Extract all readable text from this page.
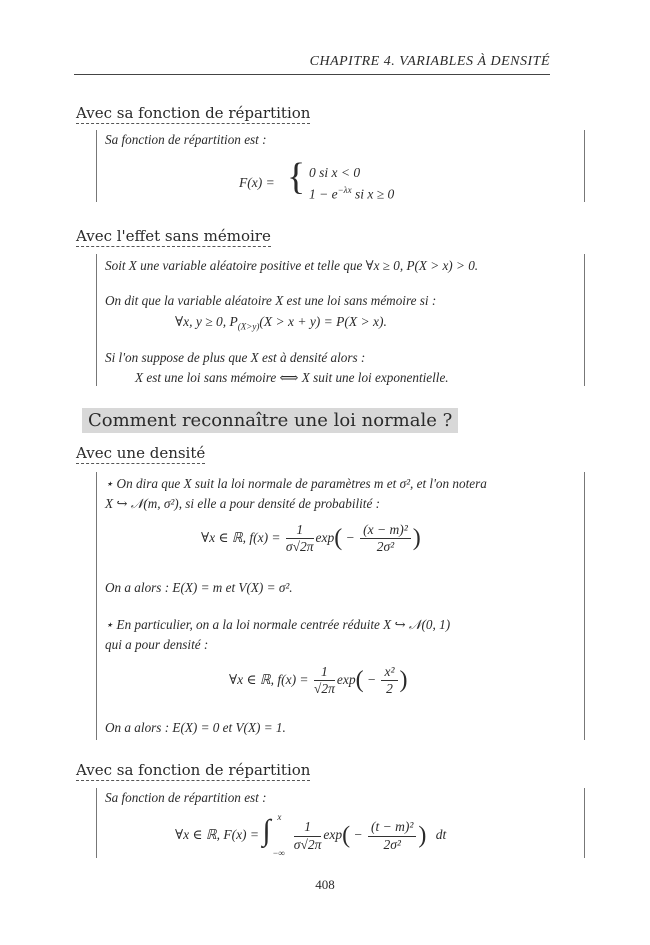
CHAPITRE 4. VARIABLES À DENSITÉ
Avec sa fonction de répartition
Sa fonction de répartition est :
F(x) = { 0 si x < 0
$1 - e^{-\lambda x}$ si x ≥ 0
Avec l'effet sans mémoire
Soit X une variable aléatoire positive et telle que ∀x ≥ 0, P(X > x) > 0.
On dit que la variable aléatoire X est une loi sans mémoire si :
∀x, y ≥ 0, $P_{(X>y)}(X > x + y) = P(X > x)$.
Si l'on suppose de plus que X est à densité alors :
X est une loi sans mémoire ⟺ X suit une loi exponentielle.
Comment reconnaître une loi normale ?
Avec une densité
⋆ On dira que X suit la loi normale de paramètres m et σ², et l'on notera
X ↪ 𝒩(m, σ²), si elle a pour densité de probabilité :
∀x ∈ ℝ, $f(x) = \frac{1}{\sigma√2\pi} \exp( - \frac{\text{(x − m)²}}{\text{2σ²}}$ )
On a alors : E(X) = m et V(X) = σ².
⋆ En particulier, on a la loi normale centrée réduite X ↪ 𝒩(0, 1)
qui a pour densité :
∀x ∈ ℝ, $f(x) = \frac{1}{√2\pi} \exp( - \frac{\text{x²}}{2}$ )
On a alors : E(X) = 0 et V(X) = 1.
Avec sa fonction de répartition
Sa fonction de répartition est :
∀x ∈ ℝ, F(x) = ∫ x
−∞

$\frac{1}{\sigma√2\pi} \exp( - \frac{\text{(t − m)²}}{\text{2σ²}}$ ) dt
408
